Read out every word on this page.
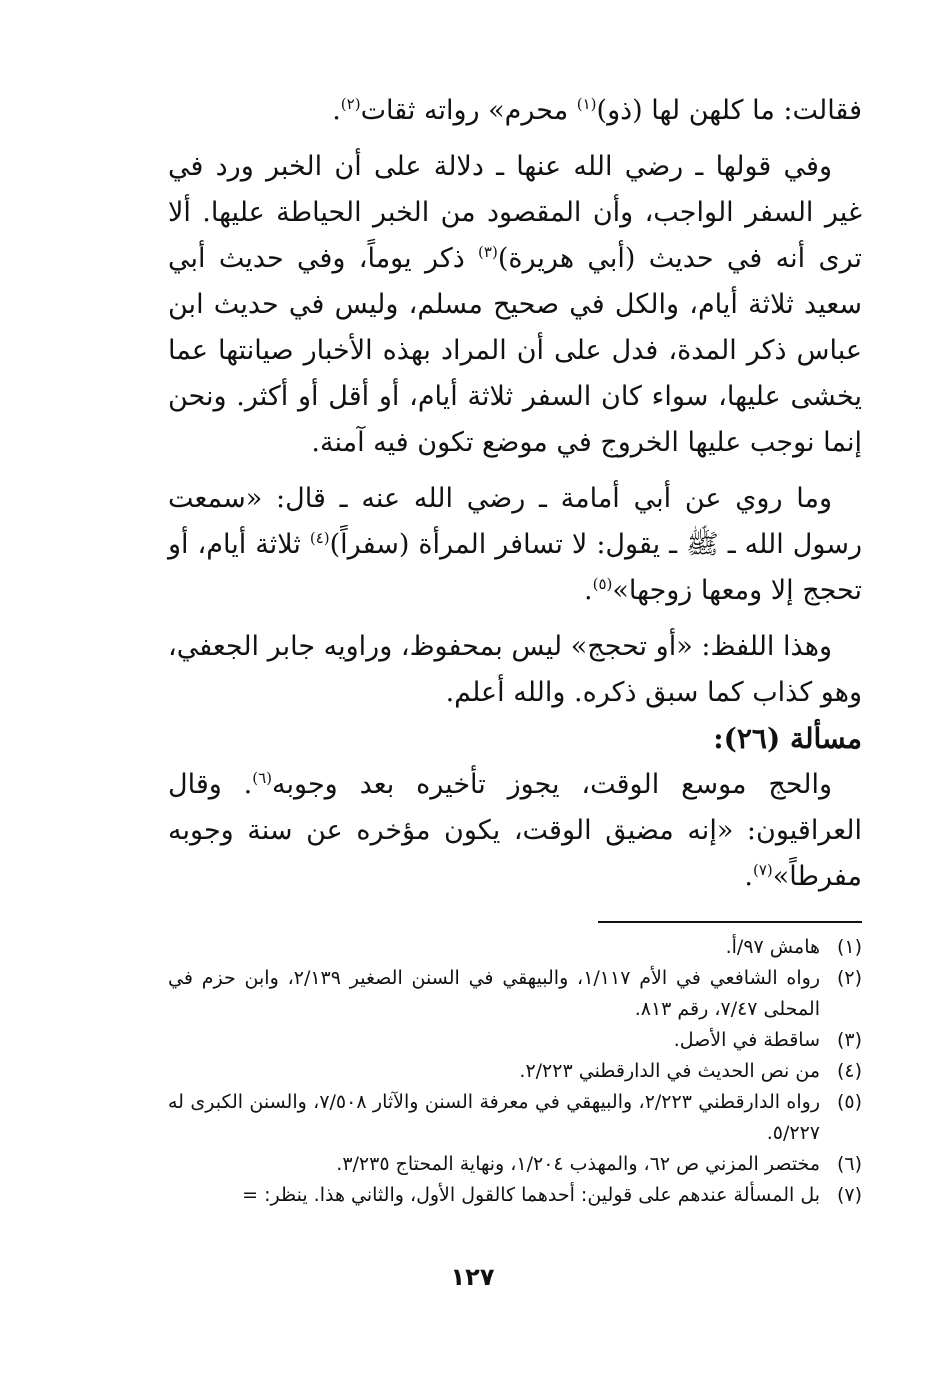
فقالت: ما كلهن لها (ذو)$^{(١)}$ محرم» رواته ثقات$^{(٢)}$.

وفي قولها ـ رضي الله عنها ـ دلالة على أن الخبر ورد في غير السفر الواجب، وأن المقصود من الخبر الحياطة عليها. ألا ترى أنه في حديث (أبي هريرة)$^{(٣)}$ ذكر يوماً، وفي حديث أبي سعيد ثلاثة أيام، والكل في صحيح مسلم، وليس في حديث ابن عباس ذكر المدة، فدل على أن المراد بهذه الأخبار صيانتها عما يخشى عليها، سواء كان السفر ثلاثة أيام، أو أقل أو أكثر. ونحن إنما نوجب عليها الخروج في موضع تكون فيه آمنة.

وما روي عن أبي أمامة ـ رضي الله عنه ـ قال: «سمعت رسول الله ـ ﷺ ـ يقول: لا تسافر المرأة (سفراً)$^{(٤)}$ ثلاثة أيام، أو تحجج إلا ومعها زوجها»$^{(٥)}$.

وهذا اللفظ: «أو تحجج» ليس بمحفوظ، وراويه جابر الجعفي، وهو كذاب كما سبق ذكره. والله أعلم.

مسألة (٢٦):

والحج موسع الوقت، يجوز تأخيره بعد وجوبه$^{(٦)}$. وقال العراقيون: «إنه مضيق الوقت، يكون مؤخره عن سنة وجوبه مفرطاً»$^{(٧)}$.

(١)
هامش ٩٧/أ.
(٢)
رواه الشافعي في الأم ١/١١٧، والبيهقي في السنن الصغير ٢/١٣٩، وابن حزم في المحلى ٧/٤٧، رقم ٨١٣.
(٣)
ساقطة في الأصل.
(٤)
من نص الحديث في الدارقطني ٢/٢٢٣.
(٥)
رواه الدارقطني ٢/٢٢٣، والبيهقي في معرفة السنن والآثار ٧/٥٠٨، والسنن الكبرى له ٥/٢٢٧.
(٦)
مختصر المزني ص ٦٢، والمهذب ١/٢٠٤، ونهاية المحتاج ٣/٢٣٥.
(٧)
بل المسألة عندهم على قولين: أحدهما كالقول الأول، والثاني هذا. ينظر: =
١٢٧
